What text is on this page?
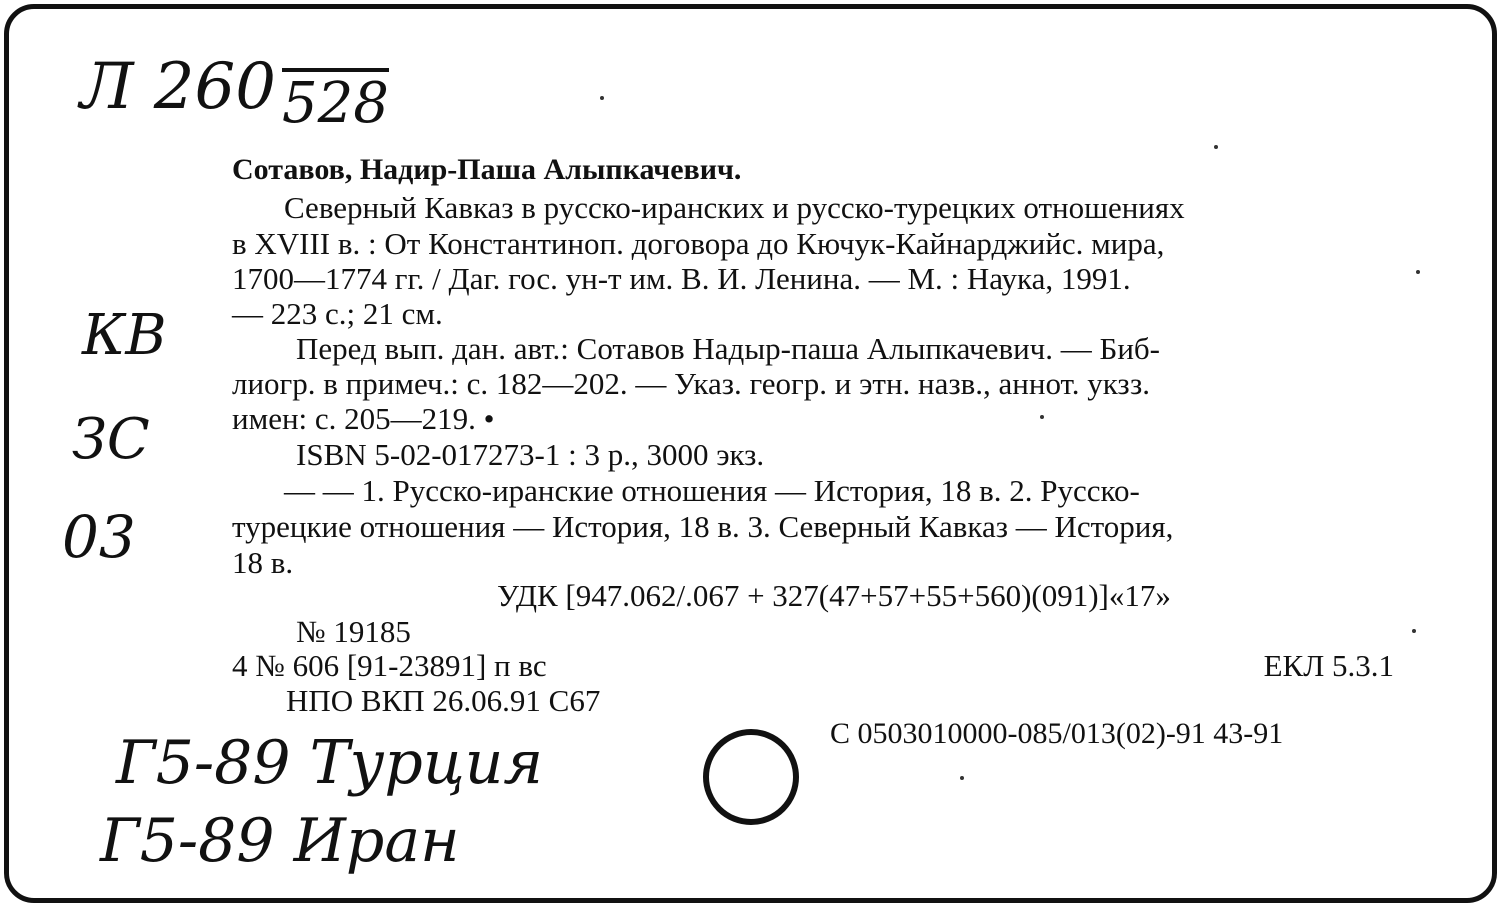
Л 260 528
КВ
ЗС
03
Сотавов, Надир-Паша Алыпкачевич.
Северный Кавказ в русско-иранских и русско-турецких отношениях
в XVIII в. : От Константиноп. договора до Кючук-Кайнарджийс. мира,
1700—1774 гг. / Даг. гос. ун-т им. В. И. Ленина. — М. : Наука, 1991.
— 223 с.; 21 см.
Перед вып. дан. авт.: Сотавов Надыр-паша Алыпкачевич. — Биб-
лиогр. в примеч.: с. 182—202. — Указ. геогр. и этн. назв., аннот. укзз.
имен: с. 205—219. •
ISBN 5-02-017273-1 : 3 р., 3000 экз.
— — 1. Русско-иранские отношения — История, 18 в. 2. Русско-
турецкие отношения — История, 18 в. 3. Северный Кавказ — История,
18 в.
УДК [947.062/.067 + 327(47+57+55+560)(091)]«17»
№ 19185
4 № 606 [91-23891] п вс	ЕКЛ 5.3.1
НПО ВКП 26.06.91 С67
С 0503010000-085/013(02)-91 43-91
Г5-89 Турция
Г5-89 Иран
